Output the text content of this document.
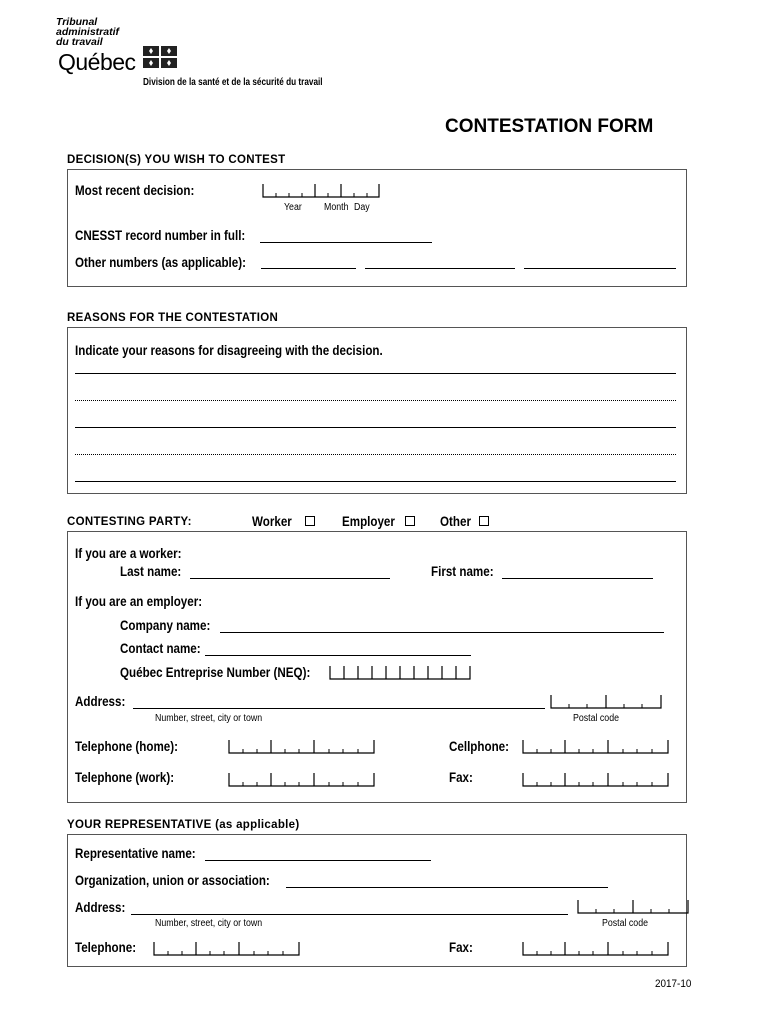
Tribunal
administratif
du travail
Québec
Division de la santé et de la sécurité du travail
CONTESTATION FORM
DECISION(S) YOU WISH TO CONTEST
Most recent decision:
Year Month Day
CNESST record number in full:
Other numbers (as applicable):
REASONS FOR THE CONTESTATION
Indicate your reasons for disagreeing with the decision.
CONTESTING PARTY:	Worker	Employer	Other
If you are a worker:
Last name:	First name:
If you are an employer:
Company name:
Contact name:
Québec Entreprise Number (NEQ):
Address:
Number, street, city or town	Postal code
Telephone (home):	Cellphone:
Telephone (work):	Fax:
YOUR REPRESENTATIVE (as applicable)
Representative name:
Organization, union or association:
Address:
Number, street, city or town	Postal code
Telephone:	Fax:
2017-10
